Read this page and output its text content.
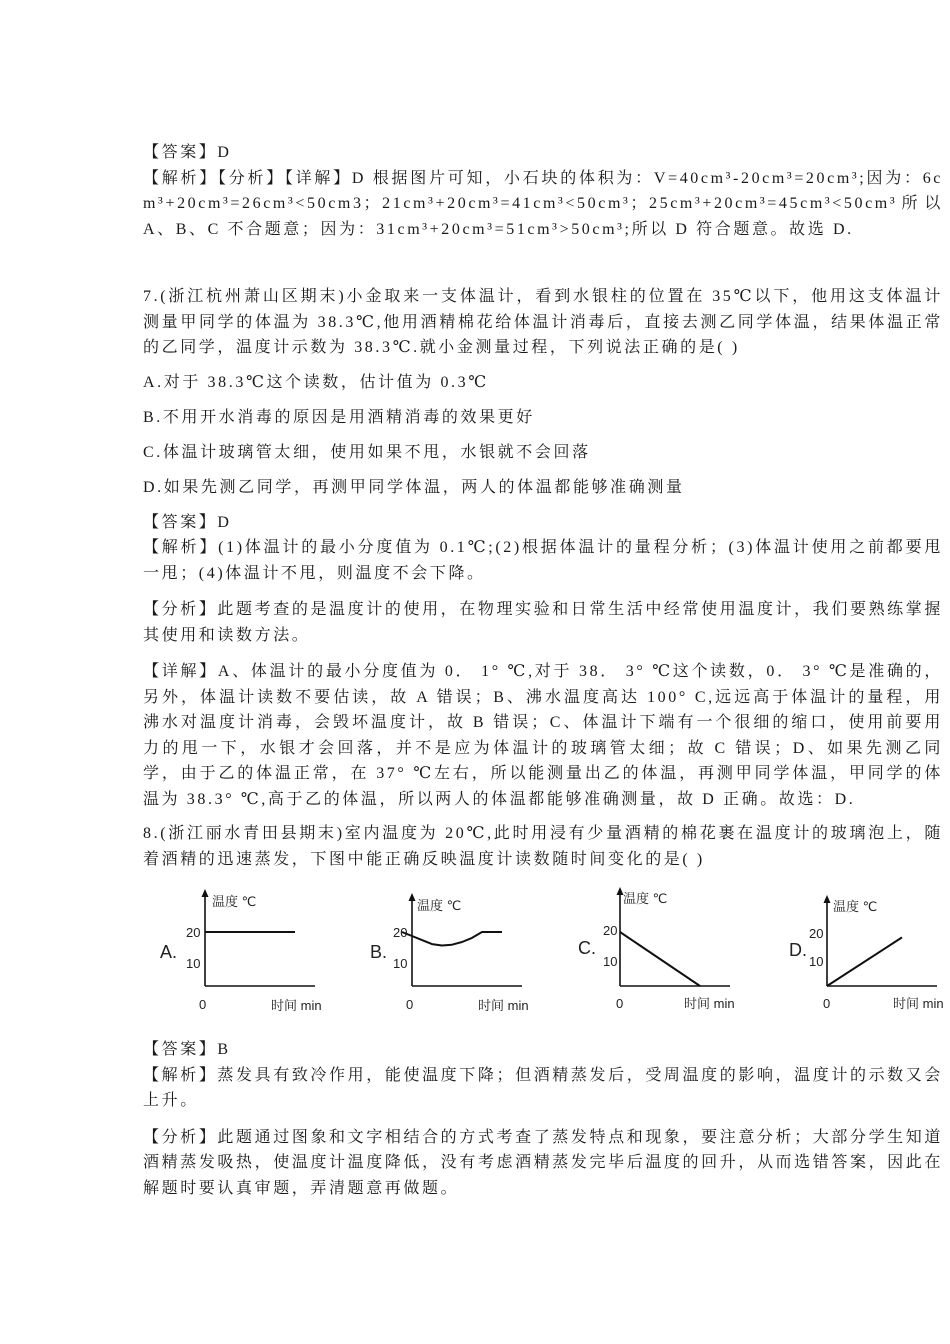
【答案】D

【解析】【分析】【详解】D 根据图片可知，小石块的体积为：V=40cm³-20cm³=20cm³;因为：6cm³+20cm³=26cm³<50cm3；21cm³+20cm³=41cm³<50cm³；25cm³+20cm³=45cm³<50cm³所以 A、B、C 不合题意；因为：31cm³+20cm³=51cm³>50cm³;所以 D 符合题意。故选 D.

7.(浙江杭州萧山区期末)小金取来一支体温计，看到水银柱的位置在 35℃以下，他用这支体温计测量甲同学的体温为 38.3℃,他用酒精棉花给体温计消毒后，直接去测乙同学体温，结果体温正常的乙同学，温度计示数为 38.3℃.就小金测量过程，下列说法正确的是( )

A.对于 38.3℃这个读数，估计值为 0.3℃

B.不用开水消毒的原因是用酒精消毒的效果更好

C.体温计玻璃管太细，使用如果不甩，水银就不会回落

D.如果先测乙同学，再测甲同学体温，两人的体温都能够准确测量

【答案】D

【解析】(1)体温计的最小分度值为 0.1℃;(2)根据体温计的量程分析；(3)体温计使用之前都要甩一甩；(4)体温计不甩，则温度不会下降。

【分析】此题考查的是温度计的使用，在物理实验和日常生活中经常使用温度计，我们要熟练掌握其使用和读数方法。

【详解】A、体温计的最小分度值为 0． 1° ℃,对于 38． 3° ℃这个读数，0． 3° ℃是准确的，另外，体温计读数不要估读，故 A 错误；B、沸水温度高达 100° C,远远高于体温计的量程，用沸水对温度计消毒，会毁坏温度计，故 B 错误；C、体温计下端有一个很细的缩口，使用前要用力的甩一下，水银才会回落，并不是应为体温计的玻璃管太细；故 C 错误；D、如果先测乙同学，由于乙的体温正常，在 37° ℃左右，所以能测量出乙的体温，再测甲同学体温，甲同学的体温为 38.3° ℃,高于乙的体温，所以两人的体温都能够准确测量，故 D 正确。故选：D.

8.(浙江丽水青田县期末)室内温度为 20℃,此时用浸有少量酒精的棉花裹在温度计的玻璃泡上，随着酒精的迅速蒸发，下图中能正确反映温度计读数随时间变化的是( )

A.
温度 ℃
20
10
0	时间 min
B.
温度 ℃
20
10
0	时间 min
C.
温度 ℃
20
10
0	时间 min
D.
温度 ℃
20
10
0	时间 min

【答案】B

【解析】蒸发具有致冷作用，能使温度下降；但酒精蒸发后，受周温度的影响，温度计的示数又会上升。

【分析】此题通过图象和文字相结合的方式考查了蒸发特点和现象，要注意分析；大部分学生知道酒精蒸发吸热，使温度计温度降低，没有考虑酒精蒸发完毕后温度的回升，从而选错答案，因此在解题时要认真审题，弄清题意再做题。
